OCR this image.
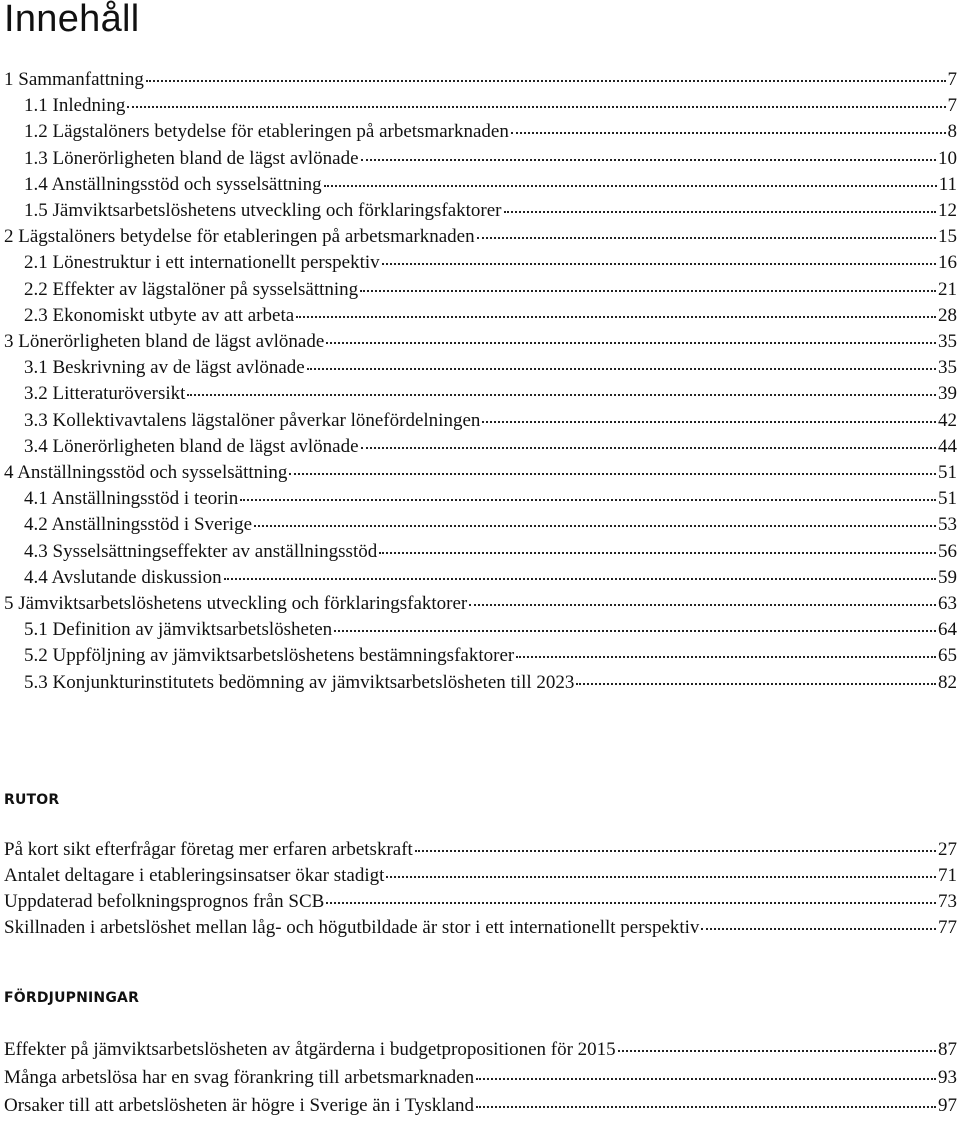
Innehåll
1 Sammanfattning	7
1.1 Inledning	7
1.2 Lägstalöners betydelse för etableringen på arbetsmarknaden	8
1.3 Lönerörligheten bland de lägst avlönade	10
1.4 Anställningsstöd och sysselsättning	11
1.5 Jämviktsarbetslöshetens utveckling och förklaringsfaktorer	12
2 Lägstalöners betydelse för etableringen på arbetsmarknaden	15
2.1 Lönestruktur i ett internationellt perspektiv	16
2.2 Effekter av lägstalöner på sysselsättning	21
2.3 Ekonomiskt utbyte av att arbeta	28
3 Lönerörligheten bland de lägst avlönade	35
3.1 Beskrivning av de lägst avlönade	35
3.2 Litteraturöversikt	39
3.3 Kollektivavtalens lägstalöner påverkar lönefördelningen	42
3.4 Lönerörligheten bland de lägst avlönade	44
4 Anställningsstöd och sysselsättning	51
4.1 Anställningsstöd i teorin	51
4.2 Anställningsstöd i Sverige	53
4.3 Sysselsättningseffekter av anställningsstöd	56
4.4 Avslutande diskussion	59
5 Jämviktsarbetslöshetens utveckling och förklaringsfaktorer	63
5.1 Definition av jämviktsarbetslösheten	64
5.2 Uppföljning av jämviktsarbetslöshetens bestämningsfaktorer	65
5.3 Konjunkturinstitutets bedömning av jämviktsarbetslösheten till 2023	82
På kort sikt efterfrågar företag mer erfaren arbetskraft	27
Antalet deltagare i etableringsinsatser ökar stadigt	71
Uppdaterad befolkningsprognos från SCB	73
Skillnaden i arbetslöshet mellan låg- och högutbildade är stor i ett internationellt perspektiv	77
Effekter på jämviktsarbetslösheten av åtgärderna i budgetpropositionen för 2015	87
Många arbetslösa har en svag förankring till arbetsmarknaden	93
Orsaker till att arbetslösheten är högre i Sverige än i Tyskland	97
RUTOR
FÖRDJUPNINGAR
